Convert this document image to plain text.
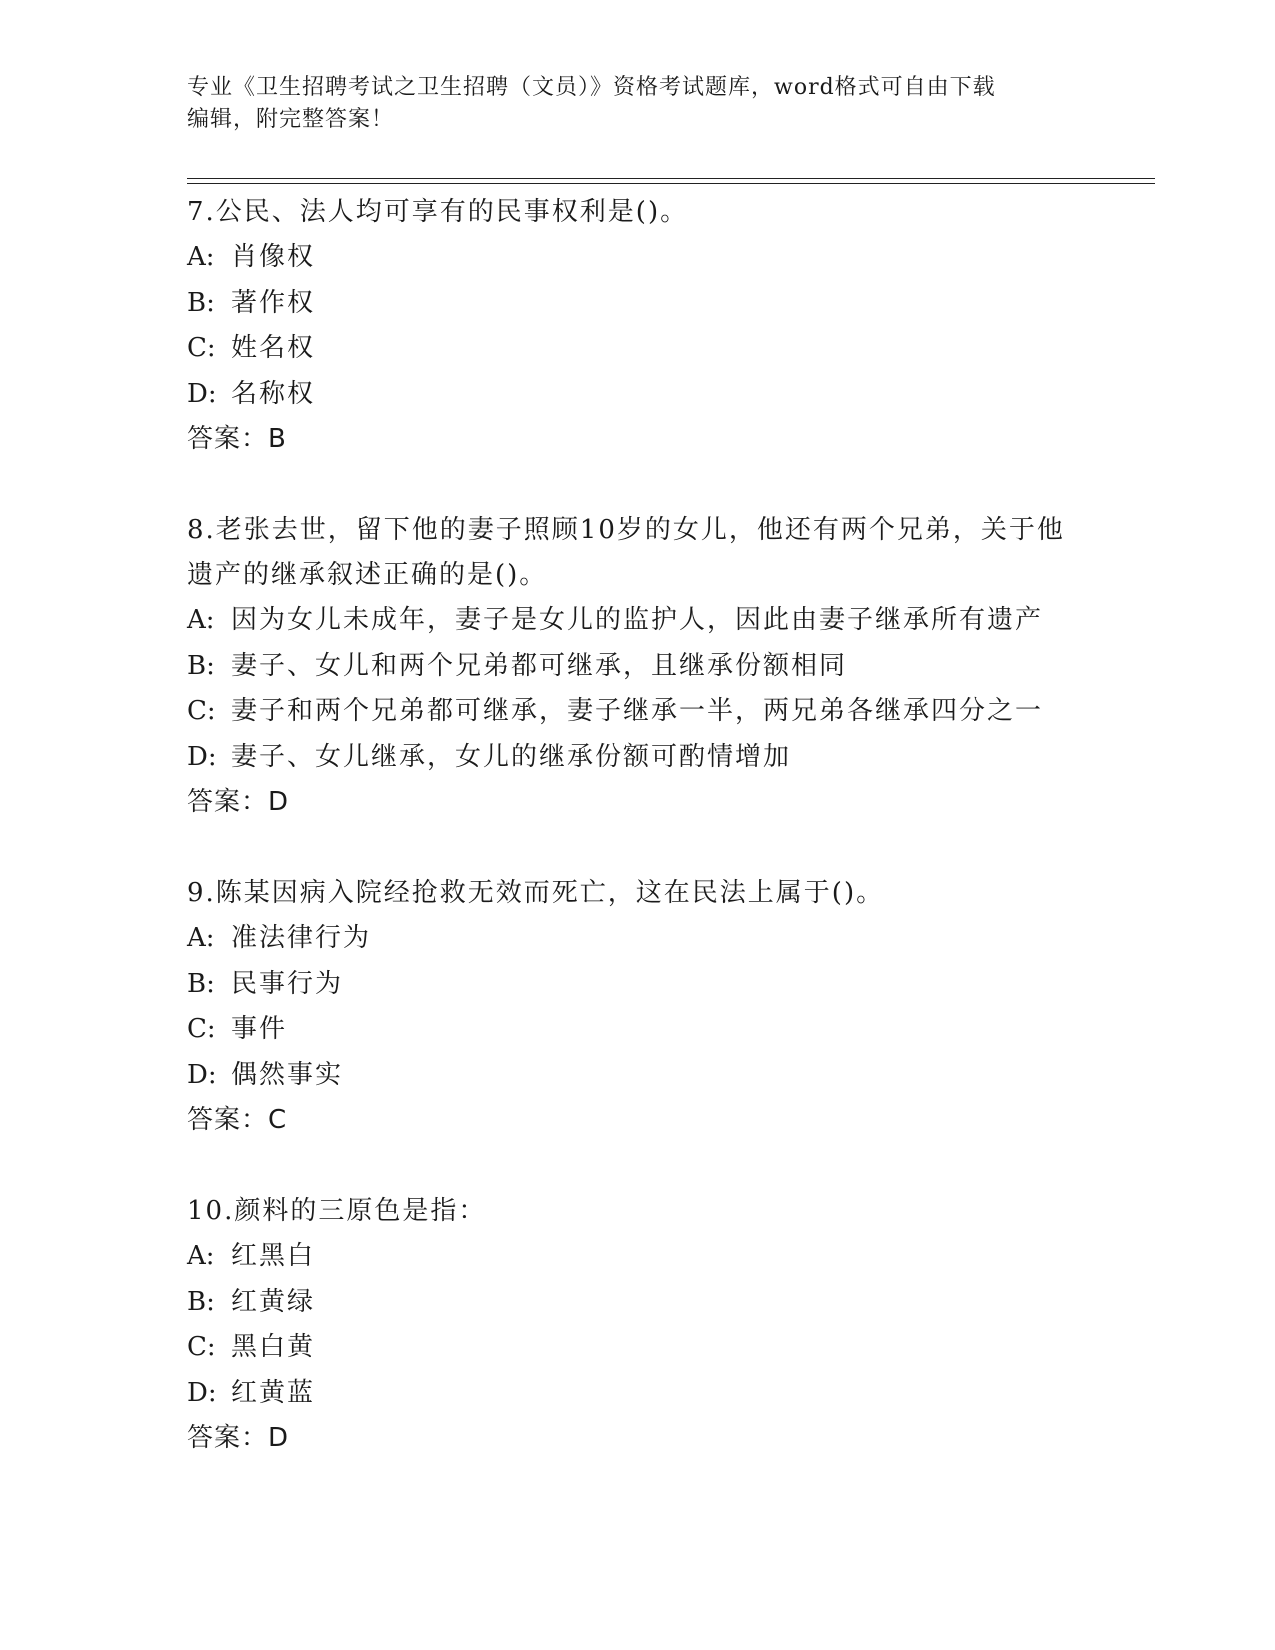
专业《卫生招聘考试之卫生招聘（文员）》资格考试题库，word格式可自由下载
编辑，附完整答案！
7.公民、法人均可享有的民事权利是()。
A: 肖像权
B: 著作权
C: 姓名权
D: 名称权
答案：B
8.老张去世，留下他的妻子照顾10岁的女儿，他还有两个兄弟，关于他遗产的继承叙述正确的是()。
A: 因为女儿未成年，妻子是女儿的监护人，因此由妻子继承所有遗产
B: 妻子、女儿和两个兄弟都可继承，且继承份额相同
C: 妻子和两个兄弟都可继承，妻子继承一半，两兄弟各继承四分之一
D: 妻子、女儿继承，女儿的继承份额可酌情增加
答案：D
9.陈某因病入院经抢救无效而死亡，这在民法上属于()。
A: 准法律行为
B: 民事行为
C: 事件
D: 偶然事实
答案：C
10.颜料的三原色是指：
A: 红黑白
B: 红黄绿
C: 黑白黄
D: 红黄蓝
答案：D
